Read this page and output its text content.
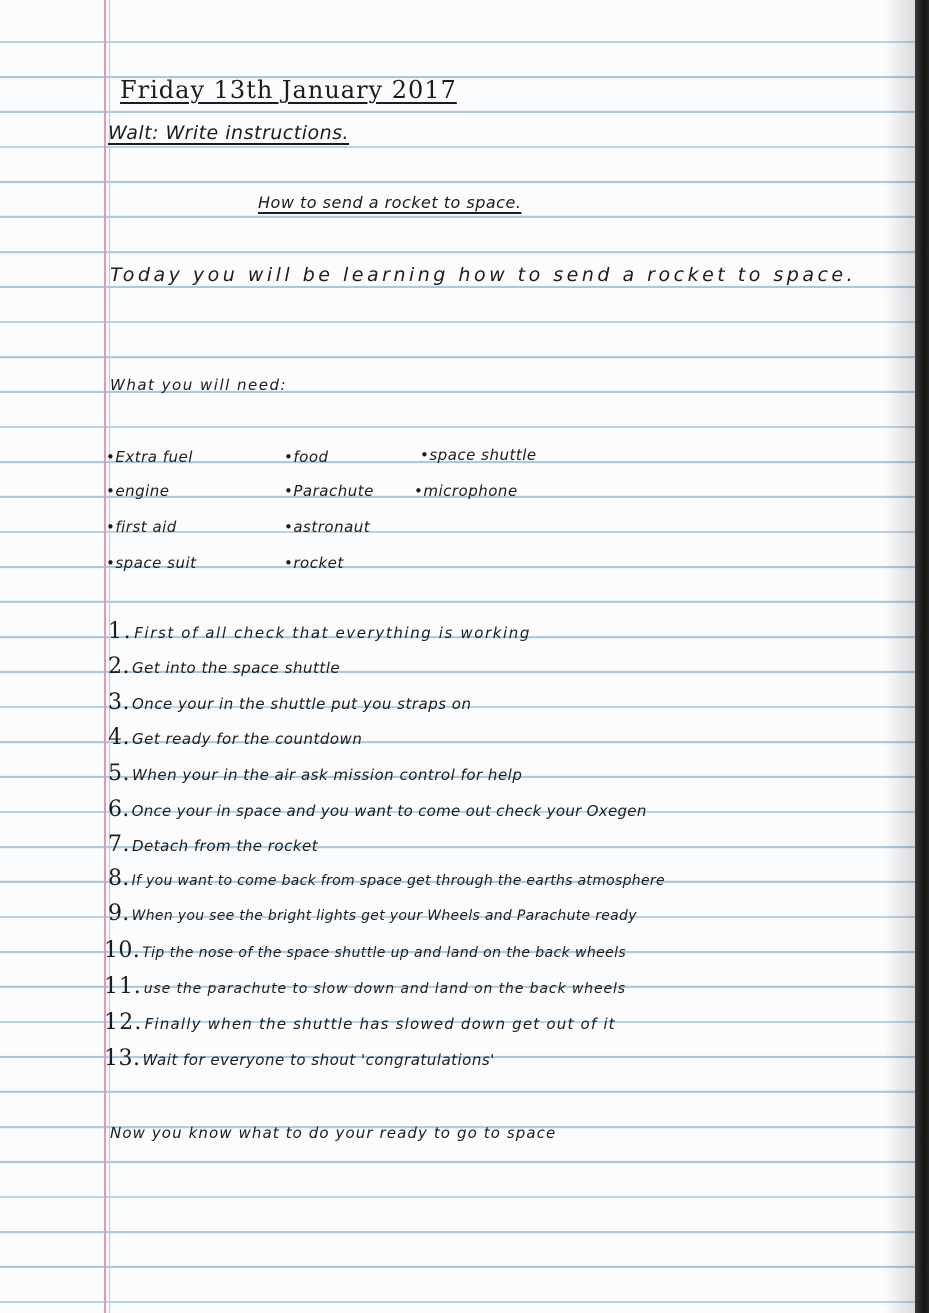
Friday 13th January 2017
Walt: Write instructions.
How to send a rocket to space.
Today you will be learning how to send a rocket to space.
What you will need:
•Extra fuel
•engine
•first aid
•space suit
•food
•Parachute
•astronaut
•rocket
•space shuttle
•microphone
1. First of all check that everything is working
2. Get into the space shuttle
3. Once your in the shuttle put you straps on
4. Get ready for the countdown
5. When your in the air ask mission control for help
6. Once your in space and you want to come out check your Oxegen
7. Detach from the rocket
8. If you want to come back from space get through the earths atmosphere
9. When you see the bright lights get your Wheels and Parachute ready
10. Tip the nose of the space shuttle up and land on the back wheels
11. use the parachute to slow down and land on the back wheels
12. Finally when the shuttle has slowed down get out of it
13. Wait for everyone to shout 'congratulations'
Now you know what to do your ready to go to space
